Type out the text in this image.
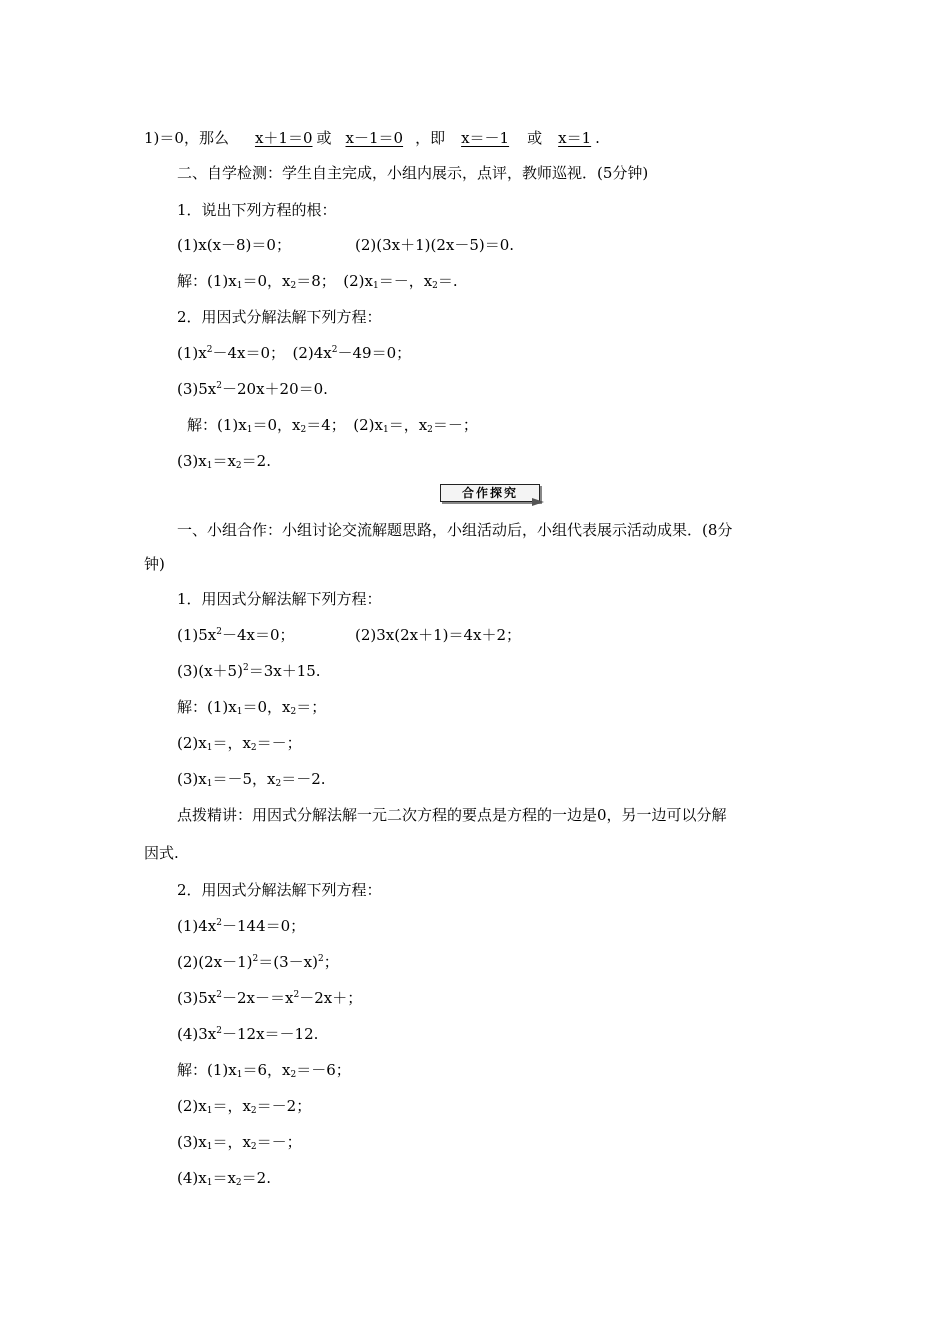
1)＝0，那么 x＋1＝0 或 x－1＝0 ，即 x＝－1 或 x＝1 .
二、自学检测：学生自主完成，小组内展示，点评，教师巡视．(5分钟)
1．说出下列方程的根：
(1)x(x－8)＝0；	(2)(3x＋1)(2x－5)＝0.
解：$(1)x_1=0$，$x_2=8$；　$(2)x_1=-$，$x_2=$.
2．用因式分解法解下列方程：
$(1)x^2-4x=0$；　$(2)4x^2-49=0$；
$(3)5x^2-20x+20=0$.
解：$(1)x_1=0$，$x_2=4$；　$(2)x_1=$，$x_2=-$；
$(3)x_1=x_2=2$.
合作探究
一、小组合作：小组讨论交流解题思路，小组活动后，小组代表展示活动成果．(8分
钟)
1．用因式分解法解下列方程：
$(1)5x^2-4x=0$；	(2)3x(2x＋1)＝4x＋2；
$(3)(x+5)^2=3x+15$.
解：$(1)x_1=0$，$x_2=$；
$(2)x_1=$，$x_2=-$；
$(3)x_1=-5$，$x_2=-2$.
点拨精讲：用因式分解法解一元二次方程的要点是方程的一边是0，另一边可以分解
因式.
2．用因式分解法解下列方程：
$(1)4x^2-144=0$；
$(2)(2x-1)^2=(3-x)^2$；
$(3)5x^2-2x-=x^2-2x+$；
$(4)3x^2-12x=-12$.
解：$(1)x_1=6$，$x_2=-6$；
$(2)x_1=$，$x_2=-2$；
$(3)x_1=$，$x_2=-$；
$(4)x_1=x_2=2$.
